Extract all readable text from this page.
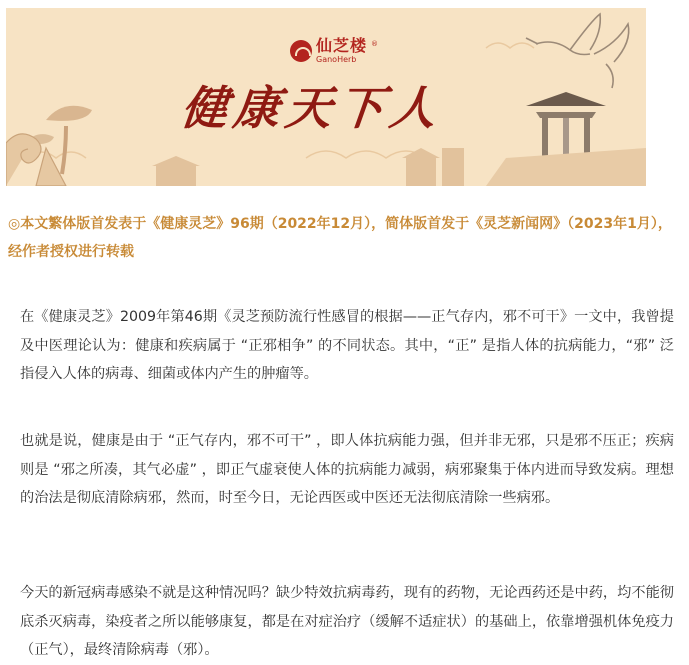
仙芝楼
GanoHerb
®
健康天下人
◎本文繁体版首发表于《健康灵芝》96期（2022年12月），简体版首发于《灵芝新闻网》（2023年1月），经作者授权进行转载

在《健康灵芝》2009年第46期《灵芝预防流行性感冒的根据——正气存内，邪不可干》一文中，我曾提及中医理论认为：健康和疾病属于 “正邪相争” 的不同状态。其中，“正” 是指人体的抗病能力，“邪” 泛指侵入人体的病毒、细菌或体内产生的肿瘤等。

也就是说，健康是由于 “正气存内，邪不可干” ，即人体抗病能力强，但并非无邪，只是邪不压正；疾病则是 “邪之所凑，其气必虚” ，即正气虚衰使人体的抗病能力减弱，病邪聚集于体内进而导致发病。理想的治法是彻底清除病邪，然而，时至今日，无论西医或中医还无法彻底清除一些病邪。

今天的新冠病毒感染不就是这种情况吗？缺少特效抗病毒药，现有的药物，无论西药还是中药，均不能彻底杀灭病毒，染疫者之所以能够康复，都是在对症治疗（缓解不适症状）的基础上，依靠增强机体免疫力（正气），最终清除病毒（邪）。
